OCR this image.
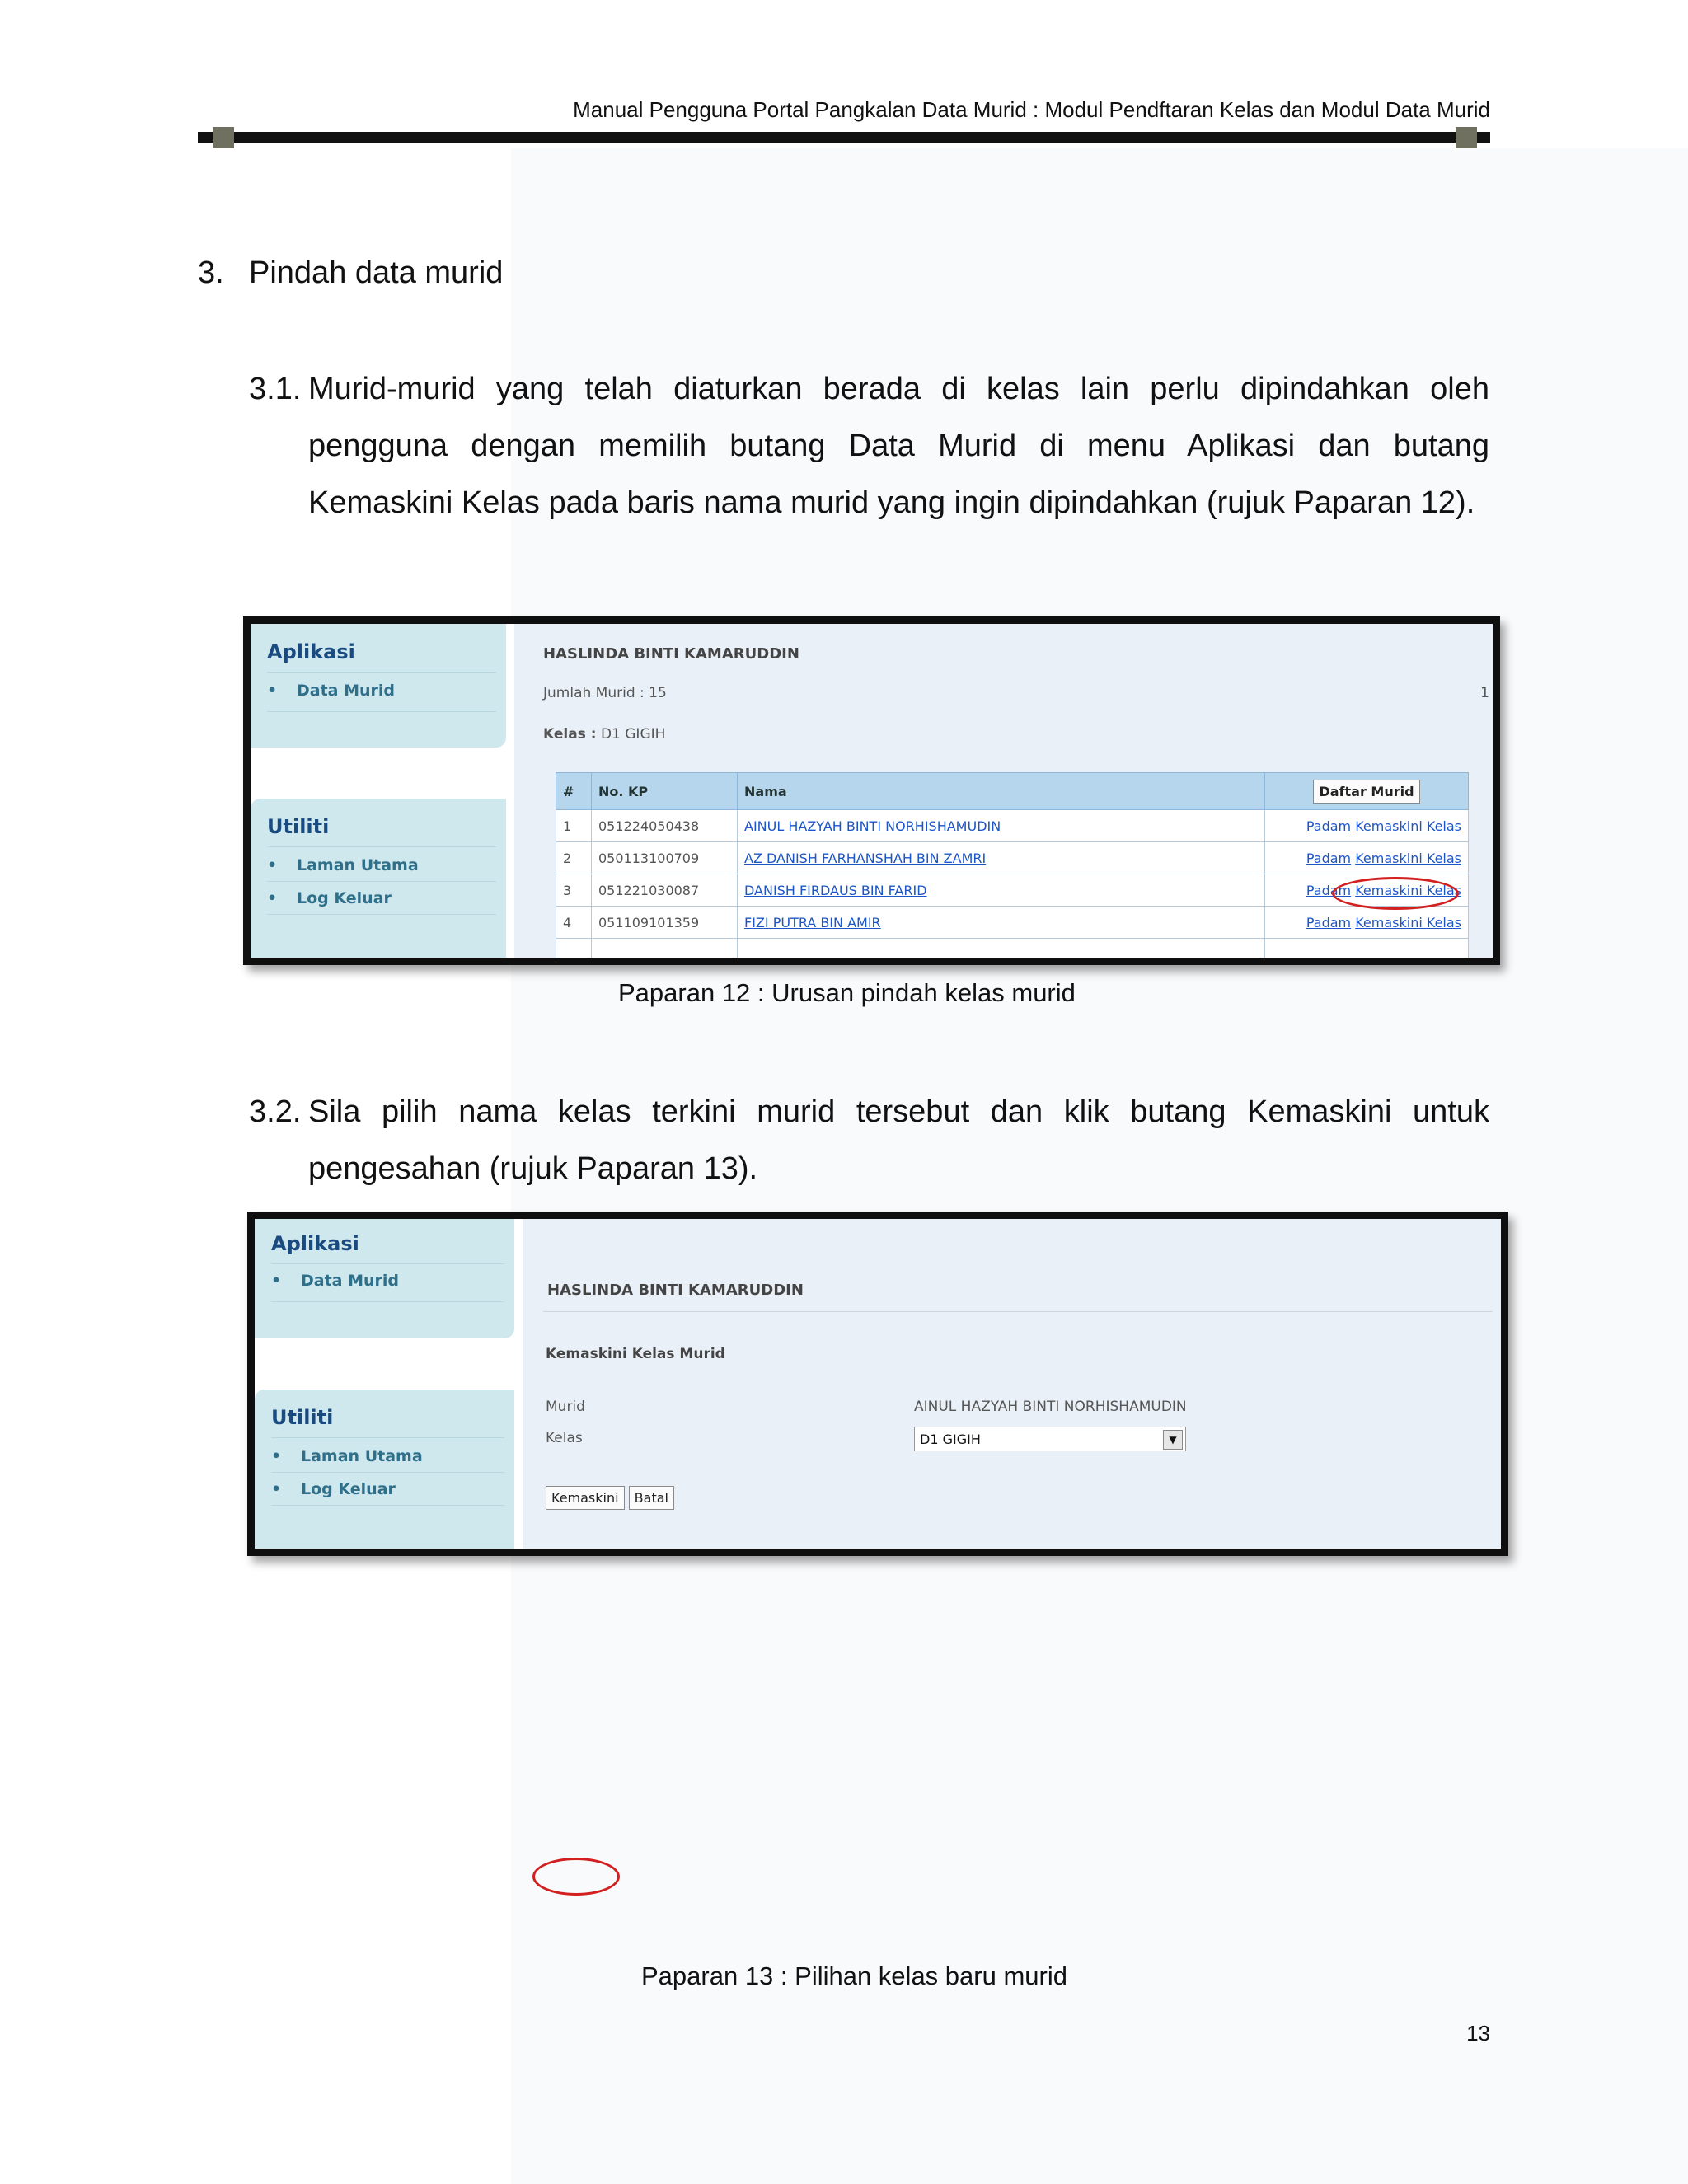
Manual Pengguna Portal Pangkalan Data Murid : Modul Pendftaran Kelas dan Modul Data Murid
3. Pindah data murid
3.1. Murid-murid yang telah diaturkan berada di kelas lain perlu dipindahkan oleh pengguna dengan memilih butang Data Murid di menu Aplikasi dan butang Kemaskini Kelas pada baris nama murid yang ingin dipindahkan (rujuk Paparan 12).
Aplikasi
• Data Murid
Utiliti
• Laman Utama
• Log Keluar
HASLINDA BINTI KAMARUDDIN
Jumlah Murid : 15	1
Kelas : D1 GIGIH
#	No. KP	Nama	Daftar Murid
1	051224050438	AINUL HAZYAH BINTI NORHISHAMUDIN	Padam Kemaskini Kelas
2	050113100709	AZ DANISH FARHANSHAH BIN ZAMRI	Padam Kemaskini Kelas
3	051221030087	DANISH FIRDAUS BIN FARID	Padam Kemaskini Kelas
4	051109101359	FIZI PUTRA BIN AMIR	Padam Kemaskini Kelas

Paparan 12 : Urusan pindah kelas murid
3.2. Sila pilih nama kelas terkini murid tersebut dan klik butang Kemaskini untuk pengesahan (rujuk Paparan 13).
Aplikasi
• Data Murid
Utiliti
• Laman Utama
• Log Keluar
HASLINDA BINTI KAMARUDDIN
Kemaskini Kelas Murid
Murid	AINUL HAZYAH BINTI NORHISHAMUDIN
Kelas	D1 GIGIH	▼
Kemaskini Batal
Paparan 13 : Pilihan kelas baru murid
13
